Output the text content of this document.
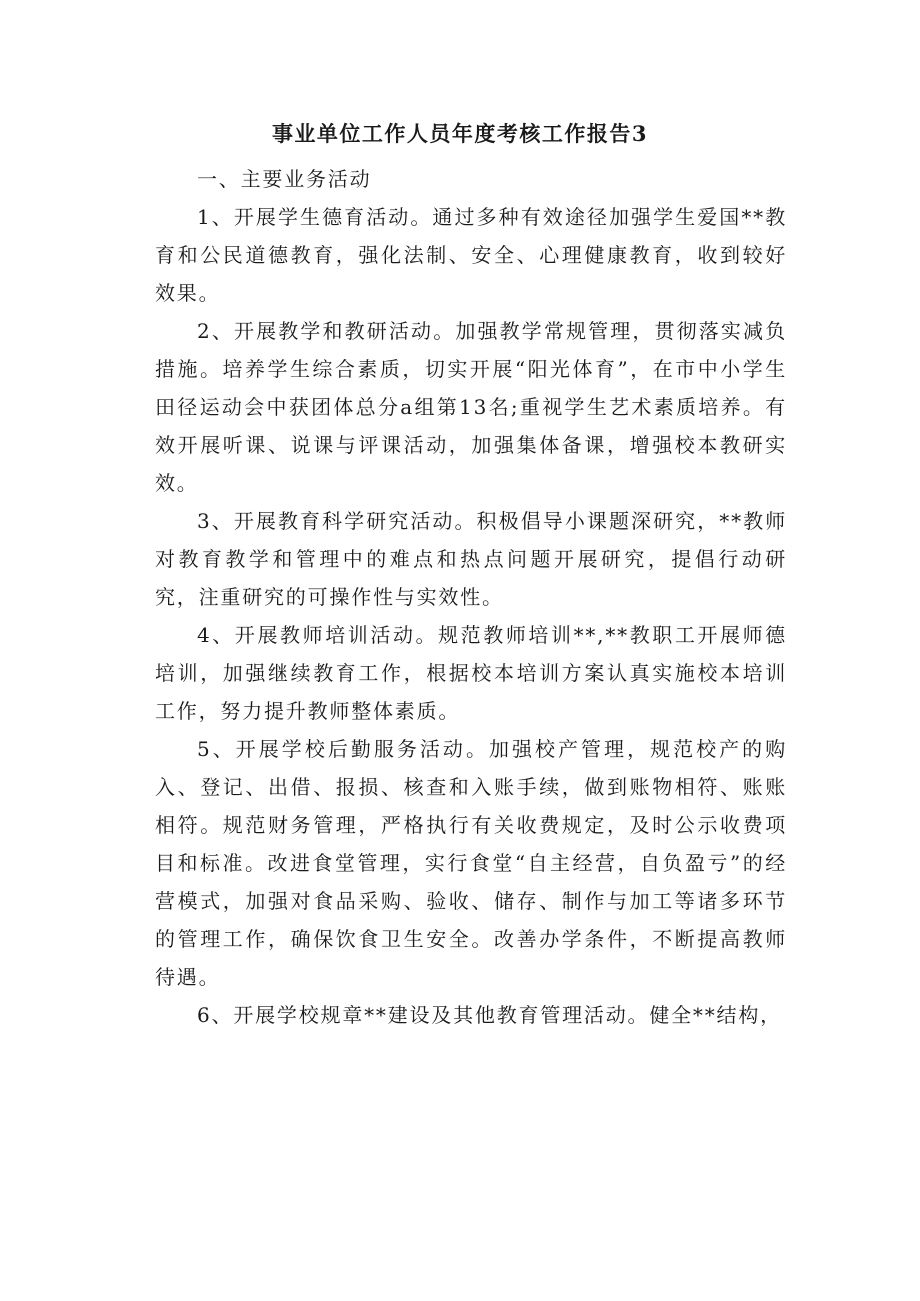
事业单位工作人员年度考核工作报告3

一、主要业务活动

1、开展学生德育活动。通过多种有效途径加强学生爱国**教育和公民道德教育，强化法制、安全、心理健康教育，收到较好效果。

2、开展教学和教研活动。加强教学常规管理，贯彻落实减负措施。培养学生综合素质，切实开展“阳光体育”，在市中小学生田径运动会中获团体总分a组第13名;重视学生艺术素质培养。有效开展听课、说课与评课活动，加强集体备课，增强校本教研实效。

3、开展教育科学研究活动。积极倡导小课题深研究，**教师对教育教学和管理中的难点和热点问题开展研究，提倡行动研究，注重研究的可操作性与实效性。

4、开展教师培训活动。规范教师培训**,**教职工开展师德培训，加强继续教育工作，根据校本培训方案认真实施校本培训工作，努力提升教师整体素质。

5、开展学校后勤服务活动。加强校产管理，规范校产的购入、登记、出借、报损、核查和入账手续，做到账物相符、账账相符。规范财务管理，严格执行有关收费规定，及时公示收费项目和标准。改进食堂管理，实行食堂“自主经营，自负盈亏”的经营模式，加强对食品采购、验收、储存、制作与加工等诸多环节的管理工作，确保饮食卫生安全。改善办学条件，不断提高教师待遇。

6、开展学校规章**建设及其他教育管理活动。健全**结构，
